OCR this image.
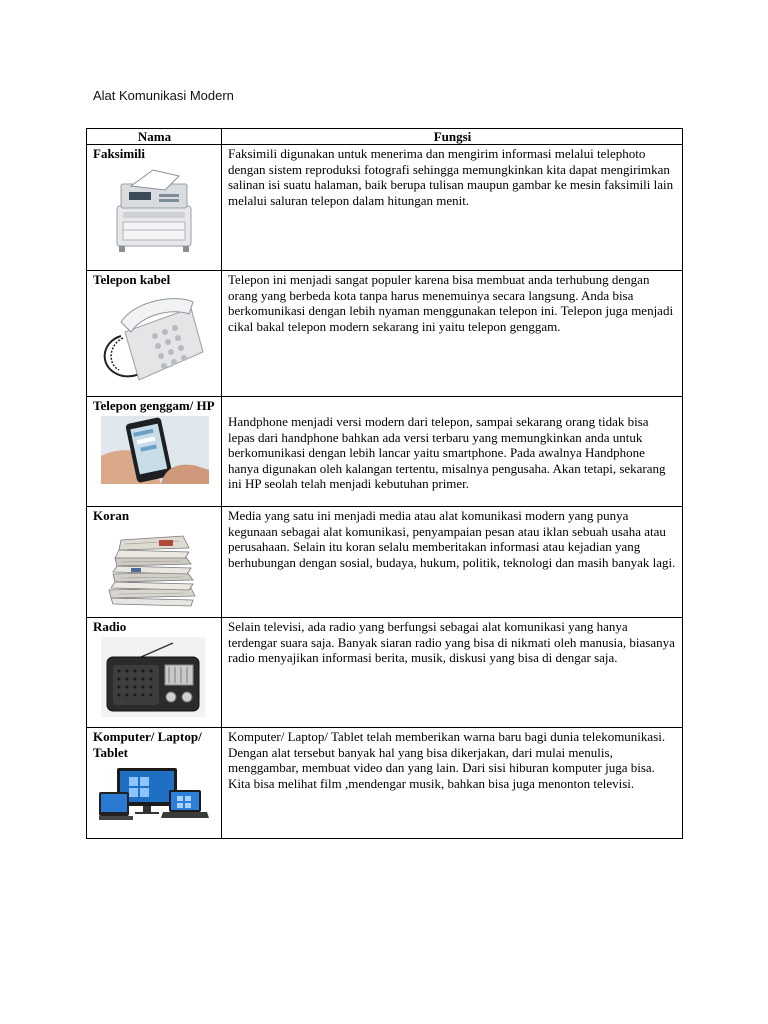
Alat Komunikasi Modern
Nama	Fungsi

Faksimili	Faksimili digunakan untuk menerima dan mengirim informasi melalui telephoto dengan sistem reproduksi fotografi sehingga memungkinkan kita dapat mengirimkan salinan isi suatu halaman, baik berupa tulisan maupun gambar ke mesin faksimili lain melalui saluran telepon dalam hitungan menit.

Telepon kabel	Telepon ini menjadi sangat populer karena bisa membuat anda terhubung dengan orang yang berbeda kota tanpa harus menemuinya secara langsung. Anda bisa berkomunikasi dengan lebih nyaman menggunakan telepon ini. Telepon juga menjadi cikal bakal telepon modern sekarang ini yaitu telepon genggam.

Telepon genggam/ HP	Handphone menjadi versi modern dari telepon, sampai sekarang orang tidak bisa lepas dari handphone bahkan ada versi terbaru yang memungkinkan anda untuk berkomunikasi dengan lebih lancar yaitu smartphone. Pada awalnya Handphone hanya digunakan oleh kalangan tertentu, misalnya pengusaha. Akan tetapi, sekarang ini HP seolah telah menjadi kebutuhan primer.

Koran	Media yang satu ini menjadi media atau alat komunikasi modern yang punya kegunaan sebagai alat komunikasi, penyampaian pesan atau iklan sebuah usaha atau perusahaan. Selain itu koran selalu memberitakan informasi atau kejadian yang berhubungan dengan sosial, budaya, hukum, politik, teknologi dan masih banyak lagi.

Radio	Selain televisi, ada radio yang berfungsi sebagai alat komunikasi yang hanya terdengar suara saja. Banyak siaran radio yang bisa di nikmati oleh manusia, biasanya radio menyajikan informasi berita, musik, diskusi yang bisa di dengar saja.

Komputer/ Laptop/ Tablet	Komputer/ Laptop/ Tablet telah memberikan warna baru bagi dunia telekomunikasi. Dengan alat tersebut banyak hal yang bisa dikerjakan, dari mulai menulis, menggambar, membuat video dan yang lain. Dari sisi hiburan komputer juga bisa. Kita bisa melihat film ,mendengar musik, bahkan bisa juga menonton televisi.
